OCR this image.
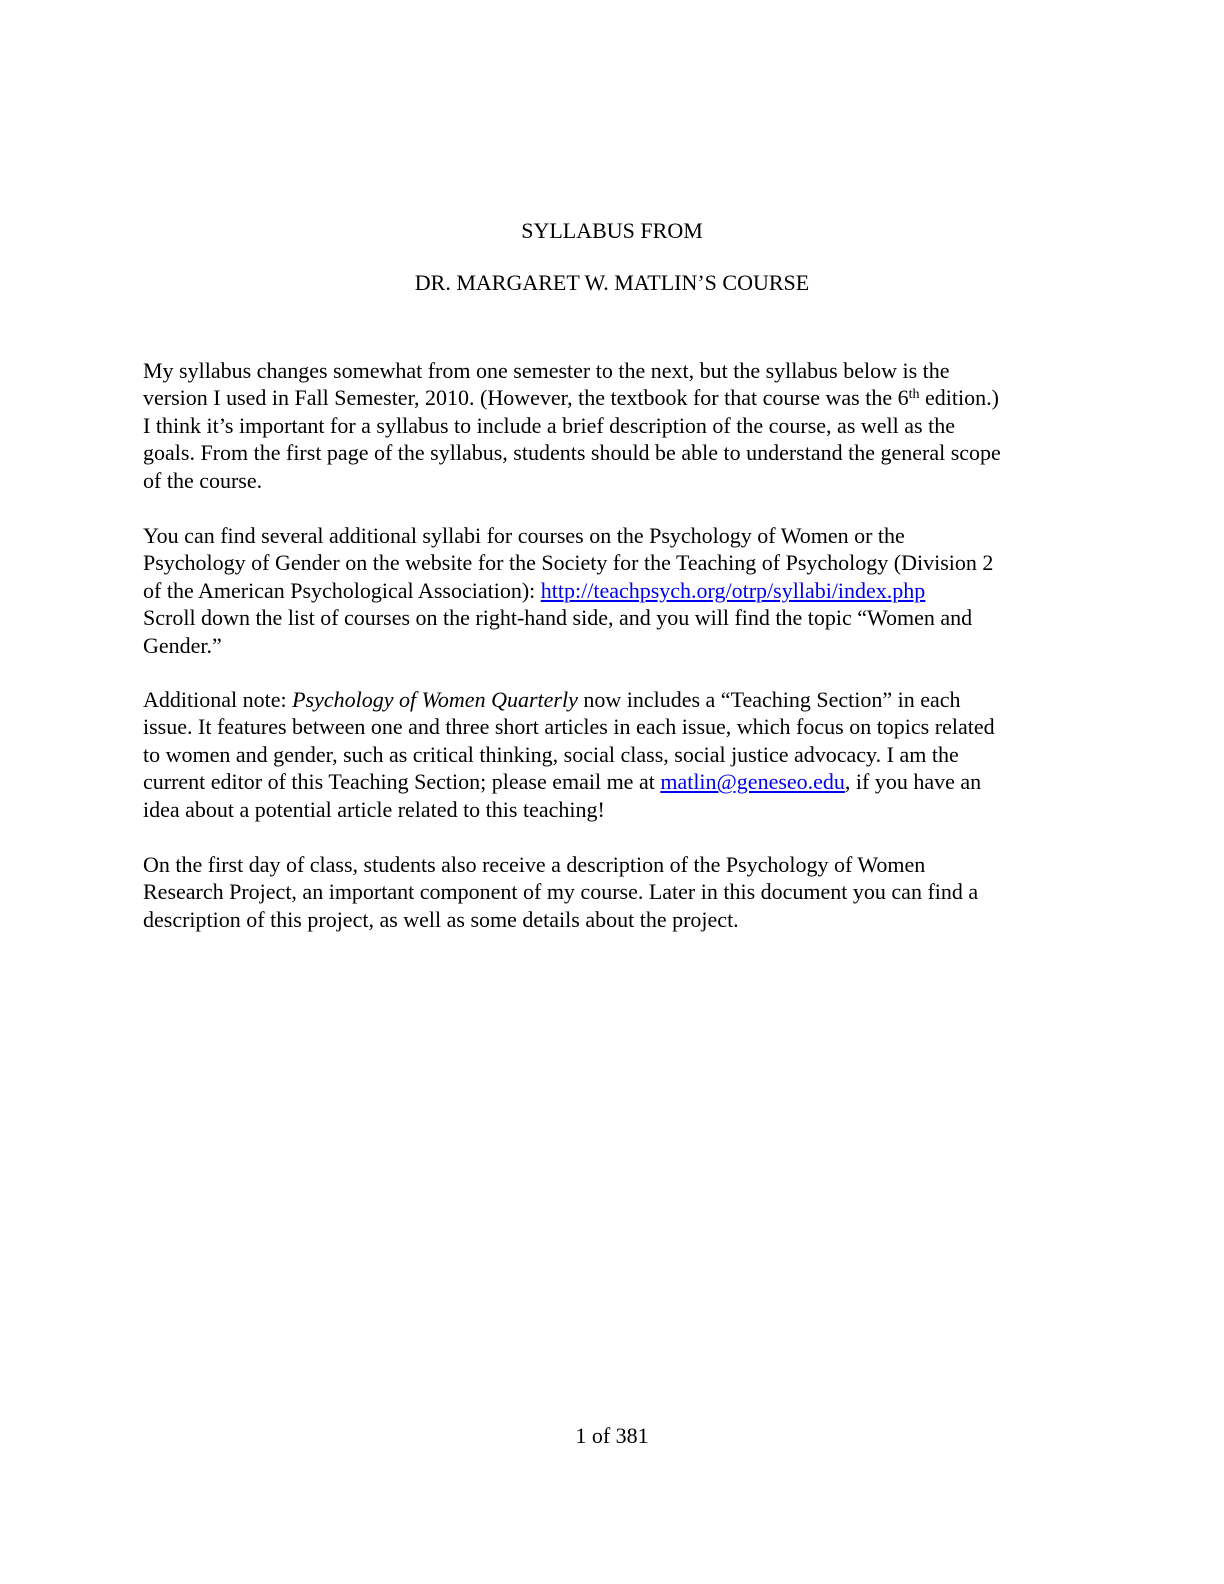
SYLLABUS FROM
DR. MARGARET W. MATLIN’S COURSE
My syllabus changes somewhat from one semester to the next, but the syllabus below is the
version I used in Fall Semester, 2010. (However, the textbook for that course was the 6th edition.)
I think it’s important for a syllabus to include a brief description of the course, as well as the
goals. From the first page of the syllabus, students should be able to understand the general scope
of the course.
You can find several additional syllabi for courses on the Psychology of Women or the
Psychology of Gender on the website for the Society for the Teaching of Psychology (Division 2
of the American Psychological Association): http://teachpsych.org/otrp/syllabi/index.php
Scroll down the list of courses on the right-hand side, and you will find the topic “Women and
Gender.”
Additional note: Psychology of Women Quarterly now includes a “Teaching Section” in each
issue. It features between one and three short articles in each issue, which focus on topics related
to women and gender, such as critical thinking, social class, social justice advocacy. I am the
current editor of this Teaching Section; please email me at matlin@geneseo.edu, if you have an
idea about a potential article related to this teaching!
On the first day of class, students also receive a description of the Psychology of Women
Research Project, an important component of my course. Later in this document you can find a
description of this project, as well as some details about the project.
1 of 381
